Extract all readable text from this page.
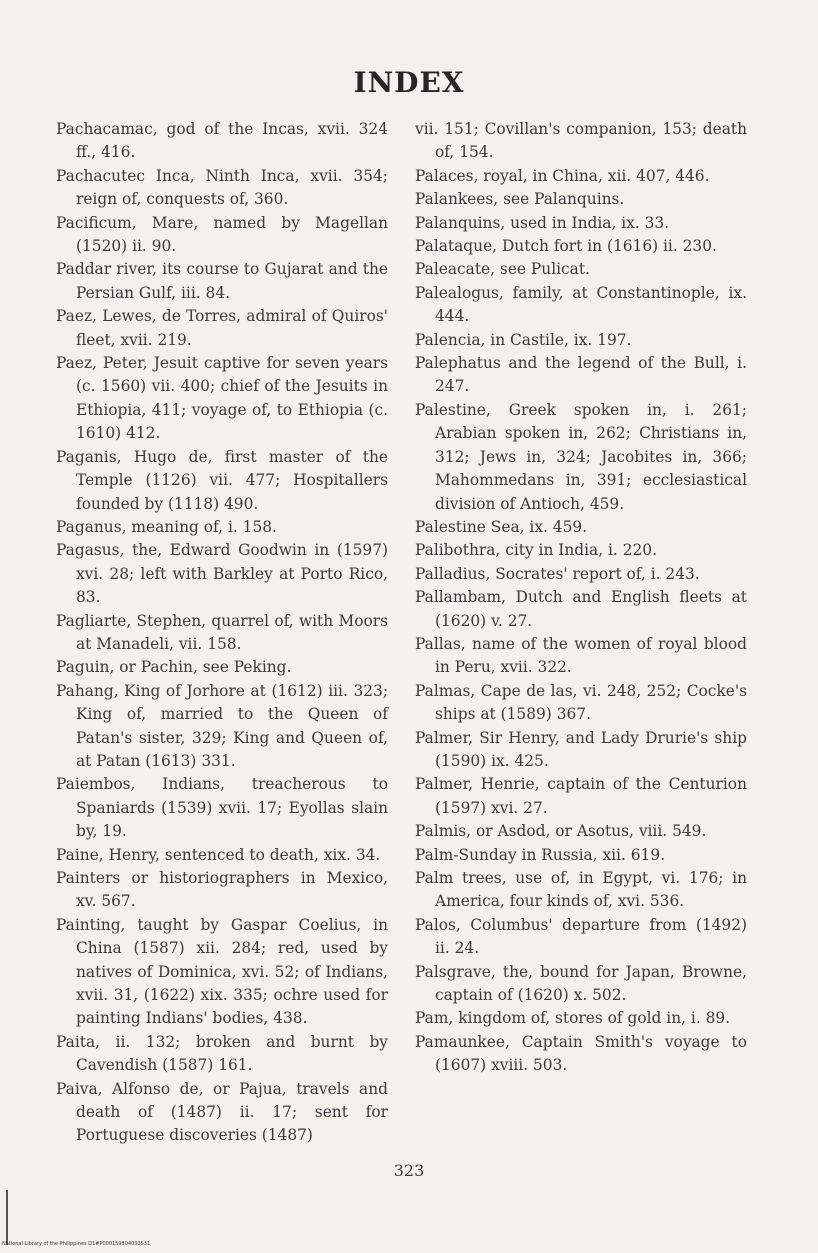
INDEX

Pachacamac, god of the Incas, xvii. 324 ff., 416.

Pachacutec Inca, Ninth Inca, xvii. 354; reign of, conquests of, 360.

Pacificum, Mare, named by Magellan (1520) ii. 90.

Paddar river, its course to Gujarat and the Persian Gulf, iii. 84.

Paez, Lewes, de Torres, admiral of Quiros' fleet, xvii. 219.

Paez, Peter, Jesuit captive for seven years (c. 1560) vii. 400; chief of the Jesuits in Ethiopia, 411; voyage of, to Ethiopia (c. 1610) 412.

Paganis, Hugo de, first master of the Temple (1126) vii. 477; Hospitallers founded by (1118) 490.

Paganus, meaning of, i. 158.

Pagasus, the, Edward Goodwin in (1597) xvi. 28; left with Barkley at Porto Rico, 83.

Pagliarte, Stephen, quarrel of, with Moors at Manadeli, vii. 158.

Paguin, or Pachin, see Peking.

Pahang, King of Jorhore at (1612) iii. 323; King of, married to the Queen of Patan's sister, 329; King and Queen of, at Patan (1613) 331.

Paiembos, Indians, treacherous to Spaniards (1539) xvii. 17; Eyollas slain by, 19.

Paine, Henry, sentenced to death, xix. 34.

Painters or historiographers in Mexico, xv. 567.

Painting, taught by Gaspar Coelius, in China (1587) xii. 284; red, used by natives of Dominica, xvi. 52; of Indians, xvii. 31, (1622) xix. 335; ochre used for painting Indians' bodies, 438.

Paita, ii. 132; broken and burnt by Cavendish (1587) 161.

Paiva, Alfonso de, or Pajua, travels and death of (1487) ii. 17; sent for Portuguese discoveries (1487)

vii. 151; Covillan's companion, 153; death of, 154.

Palaces, royal, in China, xii. 407, 446.

Palankees, see Palanquins.

Palanquins, used in India, ix. 33.

Palataque, Dutch fort in (1616) ii. 230.

Paleacate, see Pulicat.

Palealogus, family, at Constantinople, ix. 444.

Palencia, in Castile, ix. 197.

Palephatus and the legend of the Bull, i. 247.

Palestine, Greek spoken in, i. 261; Arabian spoken in, 262; Christians in, 312; Jews in, 324; Jacobites in, 366; Mahommedans in, 391; ecclesiastical division of Antioch, 459.

Palestine Sea, ix. 459.

Palibothra, city in India, i. 220.

Palladius, Socrates' report of, i. 243.

Pallambam, Dutch and English fleets at (1620) v. 27.

Pallas, name of the women of royal blood in Peru, xvii. 322.

Palmas, Cape de las, vi. 248, 252; Cocke's ships at (1589) 367.

Palmer, Sir Henry, and Lady Drurie's ship (1590) ix. 425.

Palmer, Henrie, captain of the Centurion (1597) xvi. 27.

Palmis, or Asdod, or Asotus, viii. 549.

Palm-Sunday in Russia, xii. 619.

Palm trees, use of, in Egypt, vi. 176; in America, four kinds of, xvi. 536.

Palos, Columbus' departure from (1492) ii. 24.

Palsgrave, the, bound for Japan, Browne, captain of (1620) x. 502.

Pam, kingdom of, stores of gold in, i. 89.

Pamaunkee, Captain Smith's voyage to (1607) xviii. 503.

323
National Library of the Philippines D1#P0001S9804033531
